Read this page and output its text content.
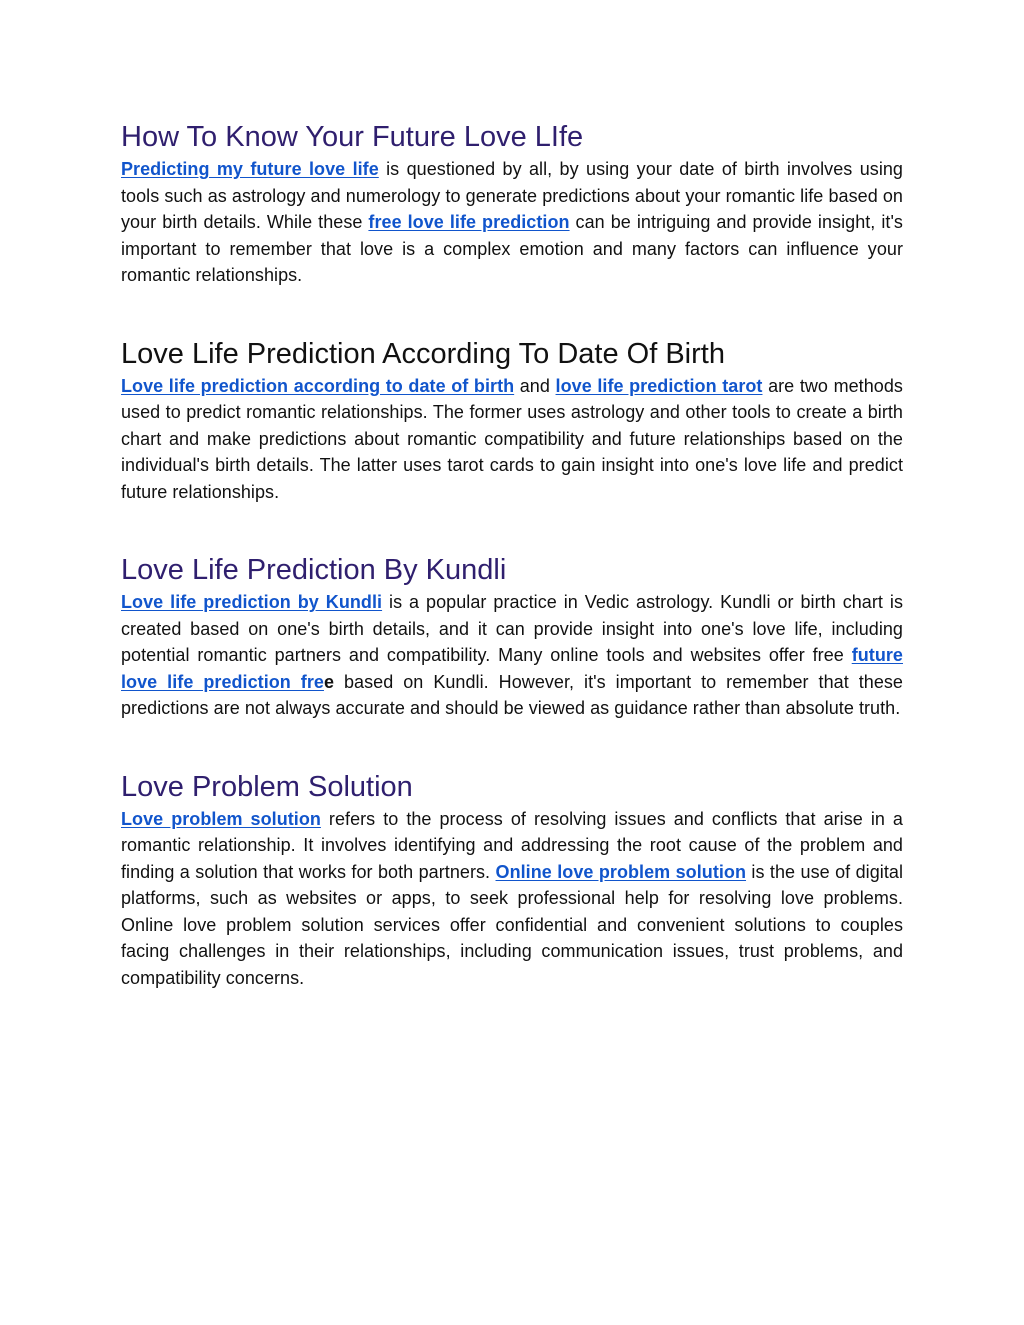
How To Know Your Future Love LIfe

Predicting my future love life is questioned by all, by using your date of birth involves using tools such as astrology and numerology to generate predictions about your romantic life based on your birth details. While these free love life prediction can be intriguing and provide insight, it's important to remember that love is a complex emotion and many factors can influence your romantic relationships.

Love Life Prediction According To Date Of Birth

Love life prediction according to date of birth and love life prediction tarot are two methods used to predict romantic relationships. The former uses astrology and other tools to create a birth chart and make predictions about romantic compatibility and future relationships based on the individual's birth details. The latter uses tarot cards to gain insight into one's love life and predict future relationships.

Love Life Prediction By Kundli

Love life prediction by Kundli is a popular practice in Vedic astrology. Kundli or birth chart is created based on one's birth details, and it can provide insight into one's love life, including potential romantic partners and compatibility. Many online tools and websites offer free future love life prediction free based on Kundli. However, it's important to remember that these predictions are not always accurate and should be viewed as guidance rather than absolute truth.

Love Problem Solution

Love problem solution refers to the process of resolving issues and conflicts that arise in a romantic relationship. It involves identifying and addressing the root cause of the problem and finding a solution that works for both partners. Online love problem solution is the use of digital platforms, such as websites or apps, to seek professional help for resolving love problems. Online love problem solution services offer confidential and convenient solutions to couples facing challenges in their relationships, including communication issues, trust problems, and compatibility concerns.
